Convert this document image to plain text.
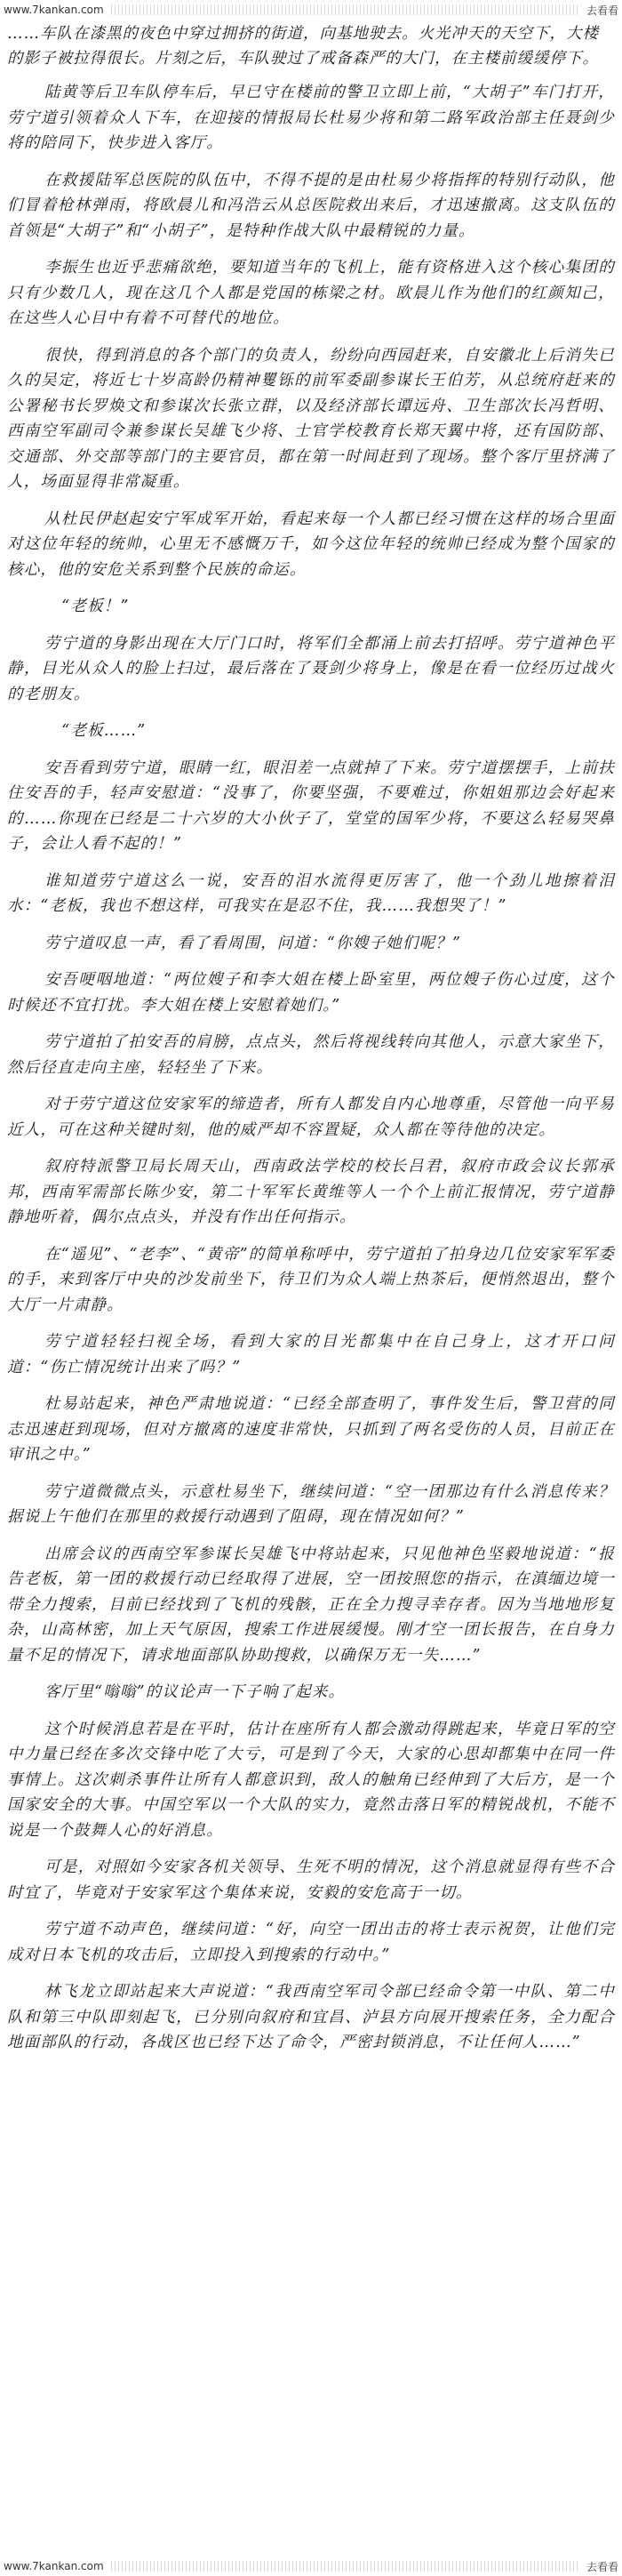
www.7kankan.com	去看看

……车队在漆黑的夜色中穿过拥挤的街道，向基地驶去。火光冲天的天空下，大楼的影子被拉得很长。片刻之后，车队驶过了戒备森严的大门，在主楼前缓缓停下。

陆黄等后卫车队停车后，早已守在楼前的警卫立即上前，“大胡子”车门打开，劳宁道引领着众人下车，在迎接的情报局长杜易少将和第二路军政治部主任聂剑少将的陪同下，快步进入客厅。

在救援陆军总医院的队伍中，不得不提的是由杜易少将指挥的特别行动队，他们冒着枪林弹雨，将欧晨儿和冯浩云从总医院救出来后，才迅速撤离。这支队伍的首领是“大胡子”和“小胡子”，是特种作战大队中最精锐的力量。

李振生也近乎悲痛欲绝，要知道当年的飞机上，能有资格进入这个核心集团的只有少数几人，现在这几个人都是党国的栋梁之材。欧晨儿作为他们的红颜知己，在这些人心目中有着不可替代的地位。

很快，得到消息的各个部门的负责人，纷纷向西园赶来，自安徽北上后消失已久的吴定，将近七十岁高龄仍精神矍铄的前军委副参谋长王伯芳，从总统府赶来的公署秘书长罗焕文和参谋次长张立群，以及经济部长谭远舟、卫生部次长冯哲明、西南空军副司令兼参谋长吴雄飞少将、士官学校教育长郑天翼中将，还有国防部、交通部、外交部等部门的主要官员，都在第一时间赶到了现场。整个客厅里挤满了人，场面显得非常凝重。

从杜民伊赵起安宁军成军开始，看起来每一个人都已经习惯在这样的场合里面对这位年轻的统帅，心里无不感慨万千，如今这位年轻的统帅已经成为整个国家的核心，他的安危关系到整个民族的命运。

“老板！”

劳宁道的身影出现在大厅门口时，将军们全都涌上前去打招呼。劳宁道神色平静，目光从众人的脸上扫过，最后落在了聂剑少将身上，像是在看一位经历过战火的老朋友。

“老板……”

安吾看到劳宁道，眼睛一红，眼泪差一点就掉了下来。劳宁道摆摆手，上前扶住安吾的手，轻声安慰道：“没事了，你要坚强，不要难过，你姐姐那边会好起来的……你现在已经是二十六岁的大小伙子了，堂堂的国军少将，不要这么轻易哭鼻子，会让人看不起的！”

谁知道劳宁道这么一说，安吾的泪水流得更厉害了，他一个劲儿地擦着泪水：“老板，我也不想这样，可我实在是忍不住，我……我想哭了！”

劳宁道叹息一声，看了看周围，问道：“你嫂子她们呢？”

安吾哽咽地道：“两位嫂子和李大姐在楼上卧室里，两位嫂子伤心过度，这个时候还不宜打扰。李大姐在楼上安慰着她们。”

劳宁道拍了拍安吾的肩膀，点点头，然后将视线转向其他人，示意大家坐下，然后径直走向主座，轻轻坐了下来。

对于劳宁道这位安家军的缔造者，所有人都发自内心地尊重，尽管他一向平易近人，可在这种关键时刻，他的威严却不容置疑，众人都在等待他的决定。

叙府特派警卫局长周天山，西南政法学校的校长吕君，叙府市政会议长郭承邦，西南军需部长陈少安，第二十军军长黄维等人一个个上前汇报情况，劳宁道静静地听着，偶尔点点头，并没有作出任何指示。

在“遥见”、“老李”、“黄帝”的简单称呼中，劳宁道拍了拍身边几位安家军军委的手，来到客厅中央的沙发前坐下，待卫们为众人端上热茶后，便悄然退出，整个大厅一片肃静。

劳宁道轻轻扫视全场，看到大家的目光都集中在自己身上，这才开口问道：“伤亡情况统计出来了吗？”

杜易站起来，神色严肃地说道：“已经全部查明了，事件发生后，警卫营的同志迅速赶到现场，但对方撤离的速度非常快，只抓到了两名受伤的人员，目前正在审讯之中。”

劳宁道微微点头，示意杜易坐下，继续问道：“空一团那边有什么消息传来？据说上午他们在那里的救援行动遇到了阻碍，现在情况如何？”

出席会议的西南空军参谋长吴雄飞中将站起来，只见他神色坚毅地说道：“报告老板，第一团的救援行动已经取得了进展，空一团按照您的指示，在滇缅边境一带全力搜索，目前已经找到了飞机的残骸，正在全力搜寻幸存者。因为当地地形复杂，山高林密，加上天气原因，搜索工作进展缓慢。刚才空一团长报告，在自身力量不足的情况下，请求地面部队协助搜救，以确保万无一失……”

客厅里“嗡嗡”的议论声一下子响了起来。

这个时候消息若是在平时，估计在座所有人都会激动得跳起来，毕竟日军的空中力量已经在多次交锋中吃了大亏，可是到了今天，大家的心思却都集中在同一件事情上。这次刺杀事件让所有人都意识到，敌人的触角已经伸到了大后方，是一个国家安全的大事。中国空军以一个大队的实力，竟然击落日军的精锐战机，不能不说是一个鼓舞人心的好消息。

可是，对照如今安家各机关领导、生死不明的情况，这个消息就显得有些不合时宜了，毕竟对于安家军这个集体来说，安毅的安危高于一切。

劳宁道不动声色，继续问道：“好，向空一团出击的将士表示祝贺，让他们完成对日本飞机的攻击后，立即投入到搜索的行动中。”

林飞龙立即站起来大声说道：“我西南空军司令部已经命令第一中队、第二中队和第三中队即刻起飞，已分别向叙府和宜昌、泸县方向展开搜索任务，全力配合地面部队的行动，各战区也已经下达了命令，严密封锁消息，不让任何人……”

www.7kankan.com	去看看
